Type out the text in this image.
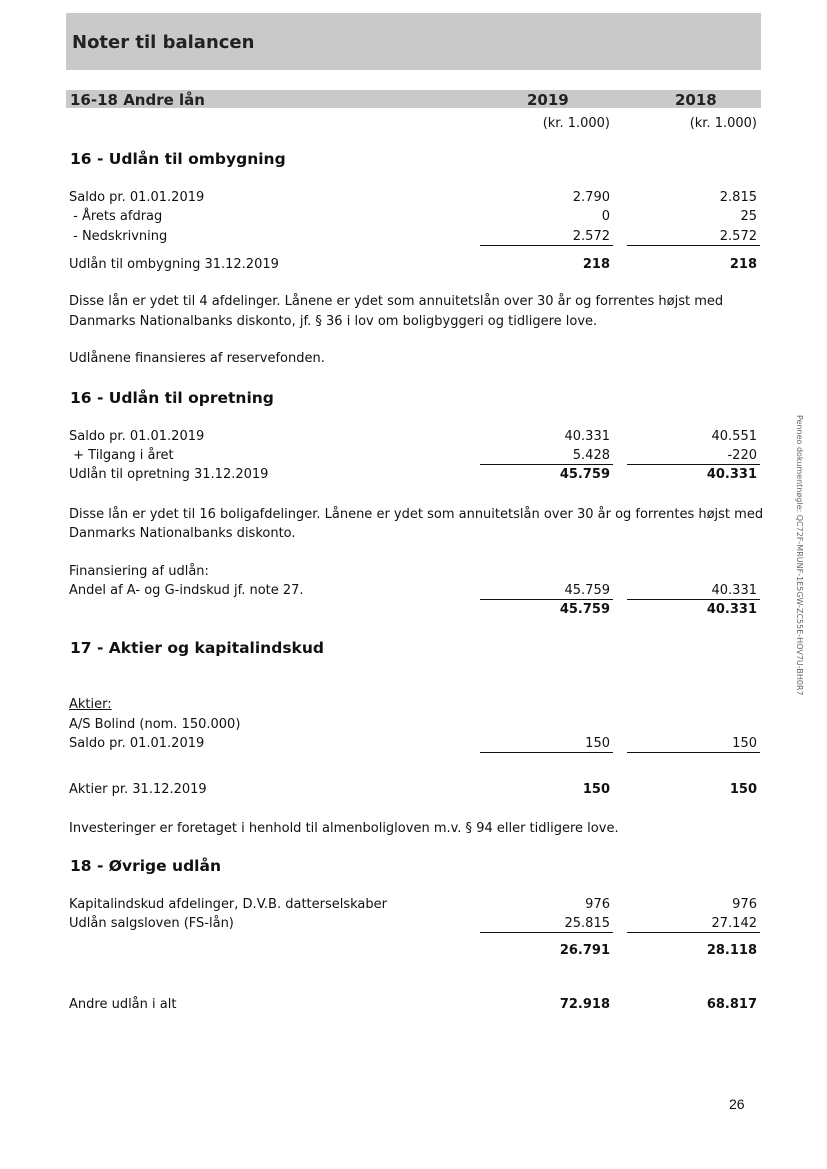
Noter til balancen
16-18 Andre lån	2019	2018
(kr. 1.000)	(kr. 1.000)
16 - Udlån til ombygning
Saldo pr. 01.01.2019	2.790	2.815
- Årets afdrag	0	25
- Nedskrivning	2.572	2.572
Udlån til ombygning 31.12.2019	218	218
Disse lån er ydet til 4 afdelinger. Lånene er ydet som annuitetslån over 30 år og forrentes højst med
Danmarks Nationalbanks diskonto, jf. § 36 i lov om boligbyggeri og tidligere love.
Udlånene finansieres af reservefonden.
16 - Udlån til opretning
Saldo pr. 01.01.2019	40.331	40.551
+ Tilgang i året	5.428	-220
Udlån til opretning 31.12.2019	45.759	40.331
Disse lån er ydet til 16 boligafdelinger. Lånene er ydet som annuitetslån over 30 år og forrentes højst med
Danmarks Nationalbanks diskonto.
Finansiering af udlån:
Andel af A- og G-indskud jf. note 27.	45.759	40.331
45.759	40.331
17 - Aktier og kapitalindskud
Aktier:
A/S Bolind (nom. 150.000)
Saldo pr. 01.01.2019	150	150
Aktier pr. 31.12.2019	150	150
Investeringer er foretaget i henhold til almenboligloven m.v. § 94 eller tidligere love.
18 - Øvrige udlån
Kapitalindskud afdelinger, D.V.B. datterselskaber	976	976
Udlån salgsloven (FS-lån)	25.815	27.142
26.791	28.118
Andre udlån i alt	72.918	68.817
26
Penneo dokumentnøgle: QC72F-MRUNF-1E5GW-ZC55E-HOV7U-BH0R7
